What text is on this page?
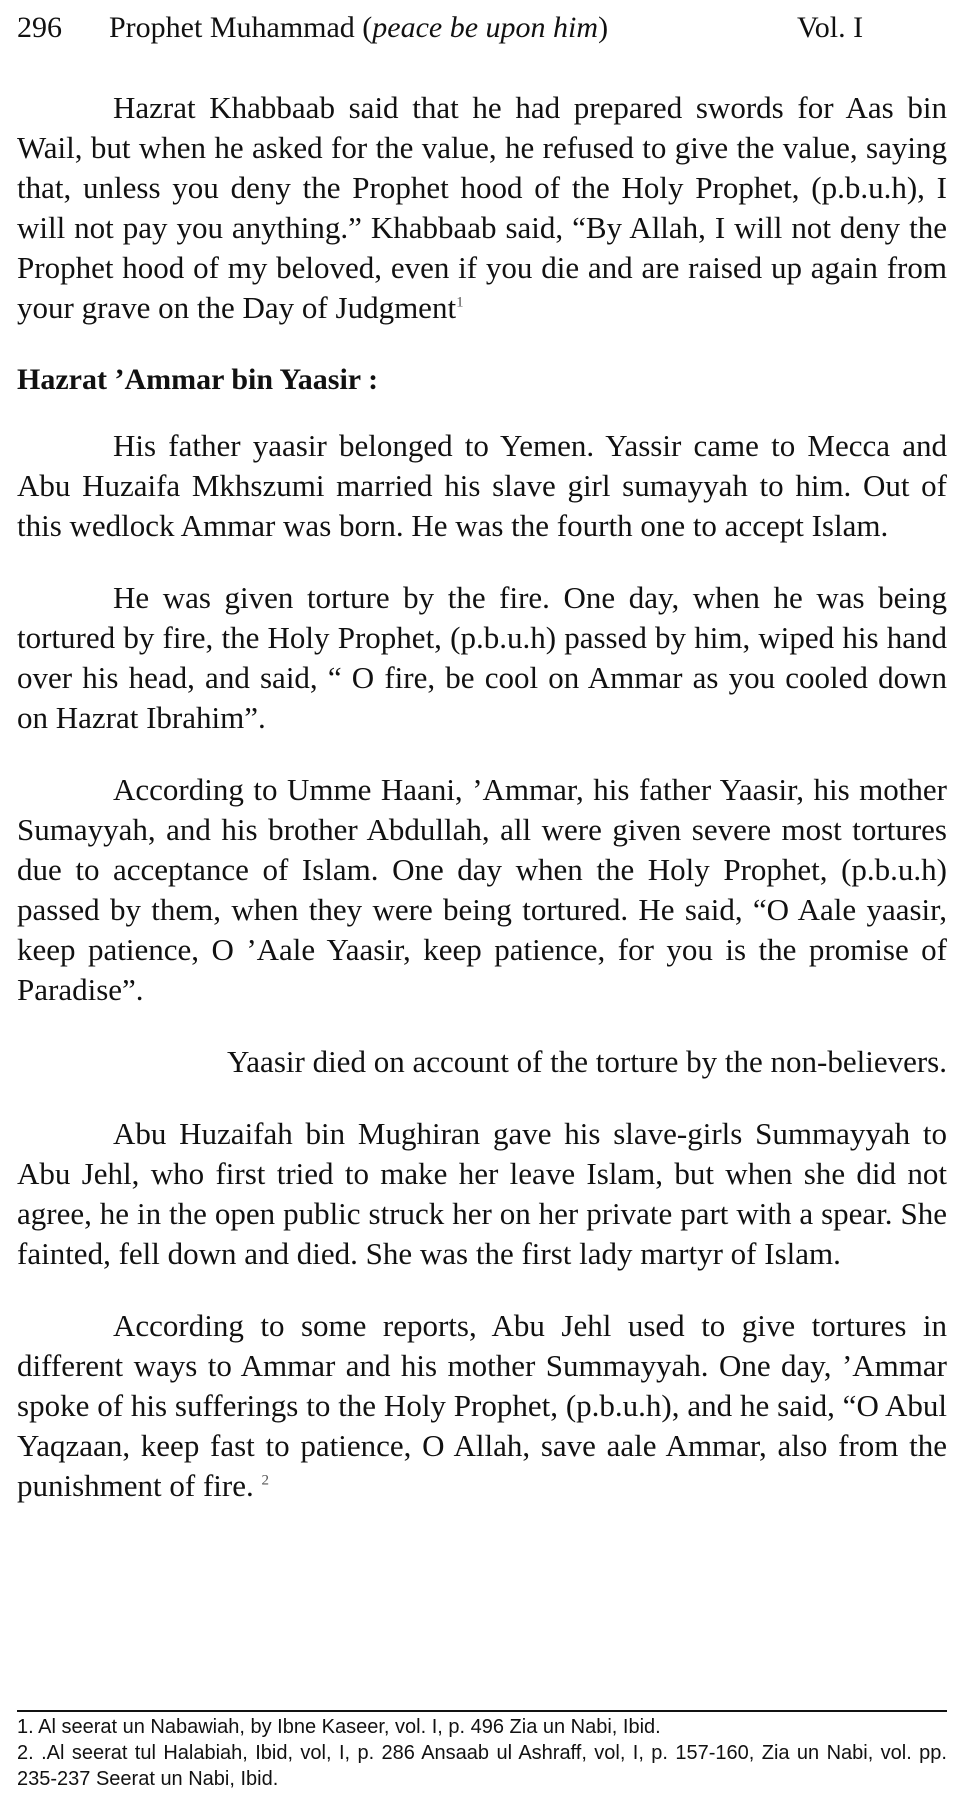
296 Prophet Muhammad (peace be upon him)	Vol. I

Hazrat Khabbaab said that he had prepared swords for Aas bin Wail, but when he asked for the value, he refused to give the value, saying that, unless you deny the Prophet hood of the Holy Prophet, (p.b.u.h), I will not pay you anything.” Khabbaab said, “By Allah, I will not deny the Prophet hood of my beloved, even if you die and are raised up again from your grave on the Day of Judgment$^1$

Hazrat ’Ammar bin Yaasir :

His father yaasir belonged to Yemen. Yassir came to Mecca and Abu Huzaifa Mkhszumi married his slave girl sumayyah to him. Out of this wedlock Ammar was born. He was the fourth one to accept Islam.

He was given torture by the fire. One day, when he was being tortured by fire, the Holy Prophet, (p.b.u.h) passed by him, wiped his hand over his head, and said, “ O fire, be cool on Ammar as you cooled down on Hazrat Ibrahim”.

According to Umme Haani, ’Ammar, his father Yaasir, his mother Sumayyah, and his brother Abdullah, all were given severe most tortures due to acceptance of Islam. One day when the Holy Prophet, (p.b.u.h) passed by them, when they were being tortured. He said, “O Aale yaasir, keep patience, O ’Aale Yaasir, keep patience, for you is the promise of Paradise”.

Yaasir died on account of the torture by the non-believers.

Abu Huzaifah bin Mughiran gave his slave-girls Summayyah to Abu Jehl, who first tried to make her leave Islam, but when she did not agree, he in the open public struck her on her private part with a spear. She fainted, fell down and died. She was the first lady martyr of Islam.

According to some reports, Abu Jehl used to give tortures in different ways to Ammar and his mother Summayyah. One day, ’Ammar spoke of his sufferings to the Holy Prophet, (p.b.u.h), and he said, “O Abul Yaqzaan, keep fast to patience, O Allah, save aale Ammar, also from the punishment of fire. $^2$

1. Al seerat un Nabawiah, by Ibne Kaseer, vol. I, p. 496 Zia un Nabi, Ibid.

2. .Al seerat tul Halabiah, Ibid, vol, I, p. 286 Ansaab ul Ashraff, vol, I, p. 157-160, Zia un Nabi, vol. pp. 235-237 Seerat un Nabi, Ibid.
